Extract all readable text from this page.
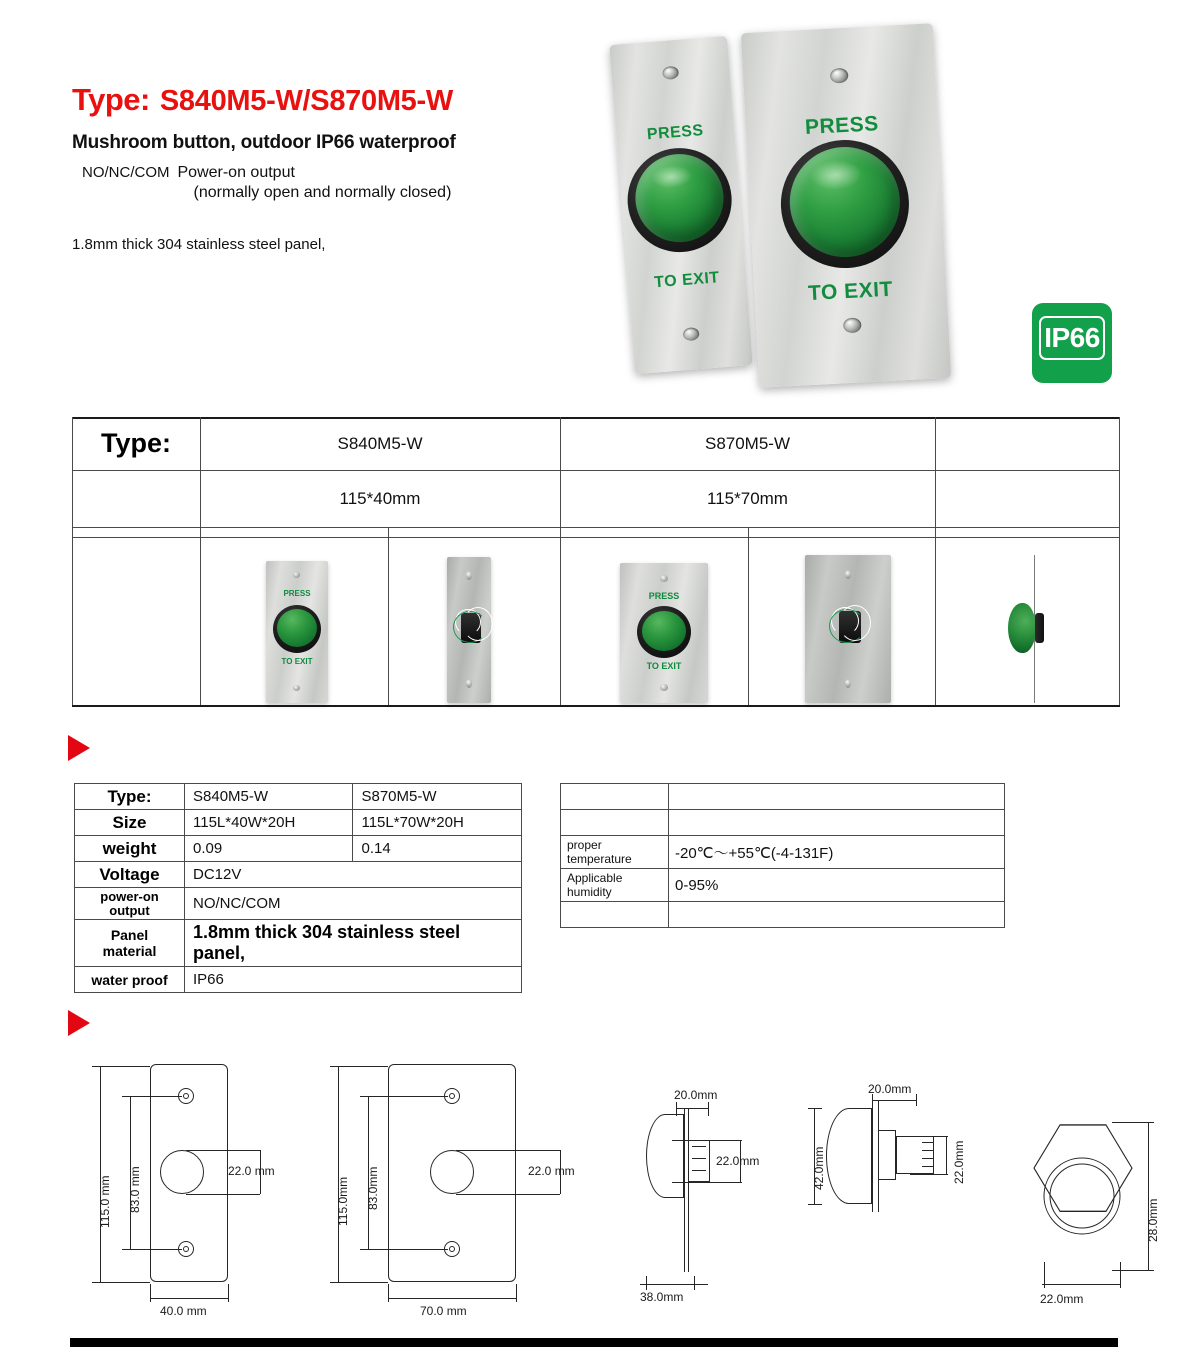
Type: S840M5-W/S870M5-W
Mushroom button, outdoor IP66 waterproof
NO/NC/COM Power-on output
(normally open and normally closed)
1.8mm thick 304 stainless steel panel,
PRESS
TO EXIT
PRESS
TO EXIT
IP66
Type:	S840M5-W	S870M5-W
115*40mm	115*70mm
PRESS
TO EXIT
PRESS
TO EXIT
Type:	S840M5-W	S870M5-W
Size	115L*40W*20H	115L*70W*20H
weight	0.09	0.14
Voltage	DC12V	
power-on
output	NO/NC/COM	
Panel material	1.8mm thick 304 stainless steel panel,	
water proof	IP66	

proper temperature	-20℃～+55℃(-4-131F)
Applicable humidity	0-95%

115.0 mm 83.0 mm	22.0 mm
40.0 mm
115.0mm 83.0mm	22.0 mm
70.0 mm
20.0mm
22.0mm
38.0mm
42.0mm
20.0mm
22.0mm
28.0mm
22.0mm
